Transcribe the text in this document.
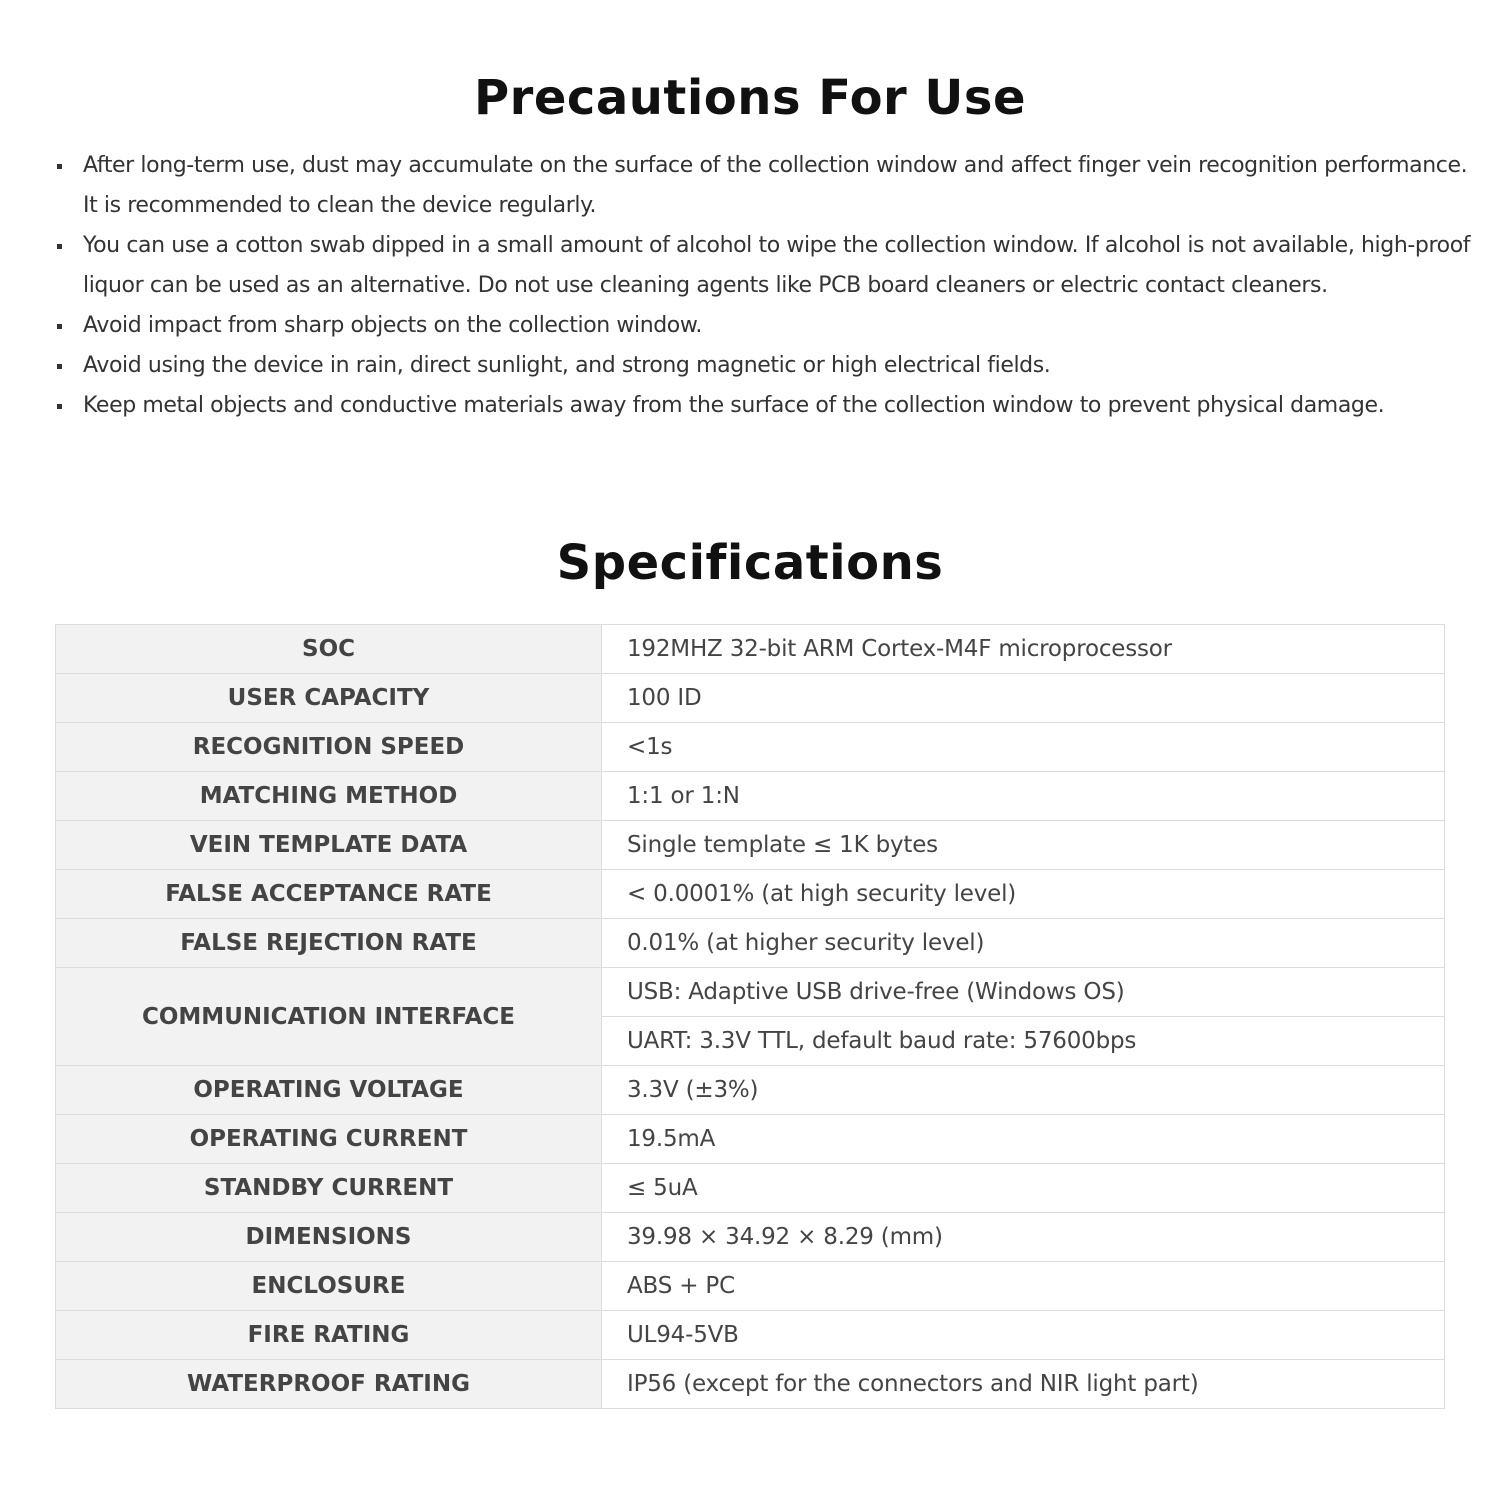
Precautions For Use
After long-term use, dust may accumulate on the surface of the collection window and affect finger vein recognition performance. It is recommended to clean the device regularly.
You can use a cotton swab dipped in a small amount of alcohol to wipe the collection window. If alcohol is not available, high-proof liquor can be used as an alternative. Do not use cleaning agents like PCB board cleaners or electric contact cleaners.
Avoid impact from sharp objects on the collection window.
Avoid using the device in rain, direct sunlight, and strong magnetic or high electrical fields.
Keep metal objects and conductive materials away from the surface of the collection window to prevent physical damage.
Specifications
SOC	192MHZ 32-bit ARM Cortex-M4F microprocessor
USER CAPACITY	100 ID
RECOGNITION SPEED	<1s
MATCHING METHOD	1:1 or 1:N
VEIN TEMPLATE DATA	Single template ≤ 1K bytes
FALSE ACCEPTANCE RATE	< 0.0001% (at high security level)
FALSE REJECTION RATE	0.01% (at higher security level)
COMMUNICATION INTERFACE	USB: Adaptive USB drive-free (Windows OS)
	UART: 3.3V TTL, default baud rate: 57600bps
OPERATING VOLTAGE	3.3V (±3%)
OPERATING CURRENT	19.5mA
STANDBY CURRENT	≤ 5uA
DIMENSIONS	39.98 × 34.92 × 8.29 (mm)
ENCLOSURE	ABS + PC
FIRE RATING	UL94-5VB
WATERPROOF RATING	IP56 (except for the connectors and NIR light part)
